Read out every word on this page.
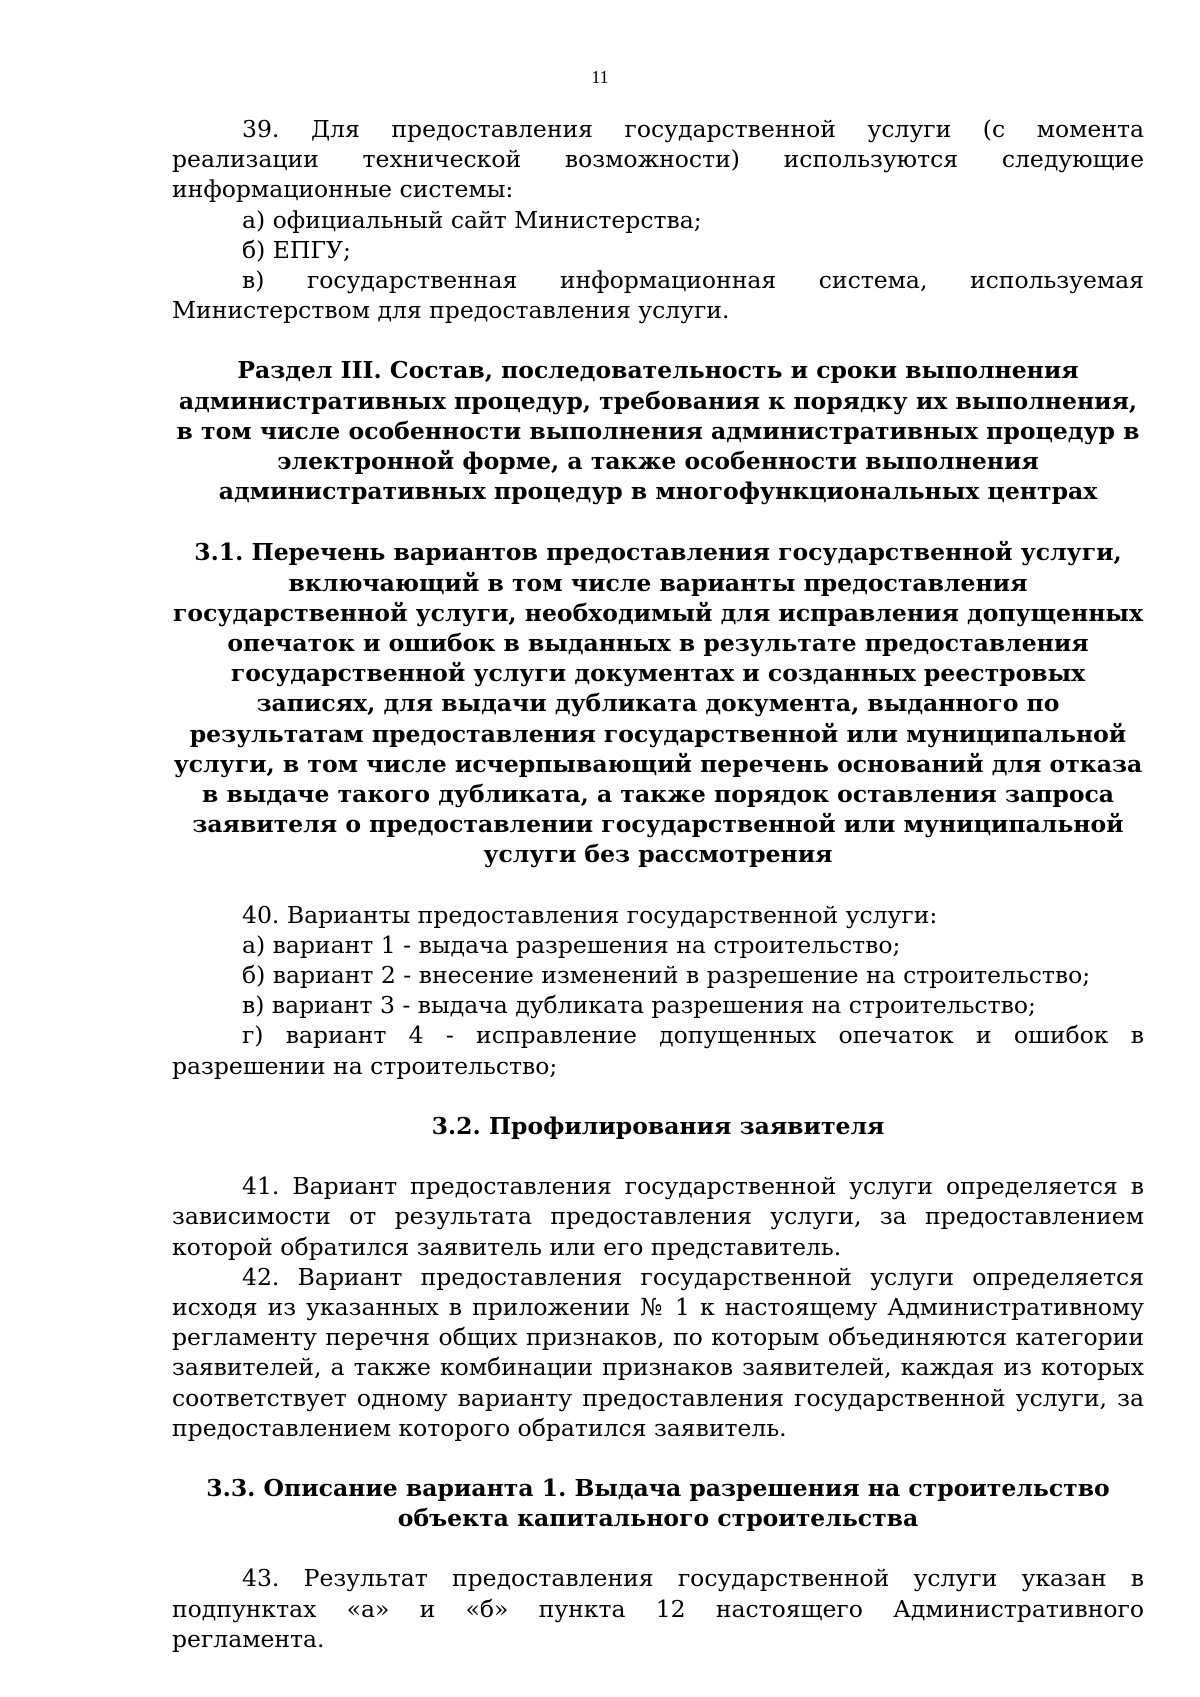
11

39. Для предоставления государственной услуги (с момента реализации технической возможности) используются следующие информационные системы:

а) официальный сайт Министерства;

б) ЕПГУ;

в) государственная информационная система, используемая Министерством для предоставления услуги.

Раздел III. Состав, последовательность и сроки выполнения административных процедур, требования к порядку их выполнения, в том числе особенности выполнения административных процедур в электронной форме, а также особенности выполнения административных процедур в многофункциональных центрах
3.1. Перечень вариантов предоставления государственной услуги, включающий в том числе варианты предоставления государственной услуги, необходимый для исправления допущенных опечаток и ошибок в выданных в результате предоставления государственной услуги документах и созданных реестровых записях, для выдачи дубликата документа, выданного по результатам предоставления государственной или муниципальной услуги, в том числе исчерпывающий перечень оснований для отказа в выдаче такого дубликата, а также порядок оставления запроса заявителя о предоставлении государственной или муниципальной услуги без рассмотрения

40. Варианты предоставления государственной услуги:

а) вариант 1 - выдача разрешения на строительство;

б) вариант 2 - внесение изменений в разрешение на строительство;

в) вариант 3 - выдача дубликата разрешения на строительство;

г) вариант 4 - исправление допущенных опечаток и ошибок в разрешении на строительство;

3.2. Профилирования заявителя

41. Вариант предоставления государственной услуги определяется в зависимости от результата предоставления услуги, за предоставлением которой обратился заявитель или его представитель.

42. Вариант предоставления государственной услуги определяется исходя из указанных в приложении № 1 к настоящему Административному регламенту перечня общих признаков, по которым объединяются категории заявителей, а также комбинации признаков заявителей, каждая из которых соответствует одному варианту предоставления государственной услуги, за предоставлением которого обратился заявитель.

3.3. Описание варианта 1. Выдача разрешения на строительство объекта капитального строительства

43. Результат предоставления государственной услуги указан в подпунктах «а» и «б» пункта 12 настоящего Административного регламента.
